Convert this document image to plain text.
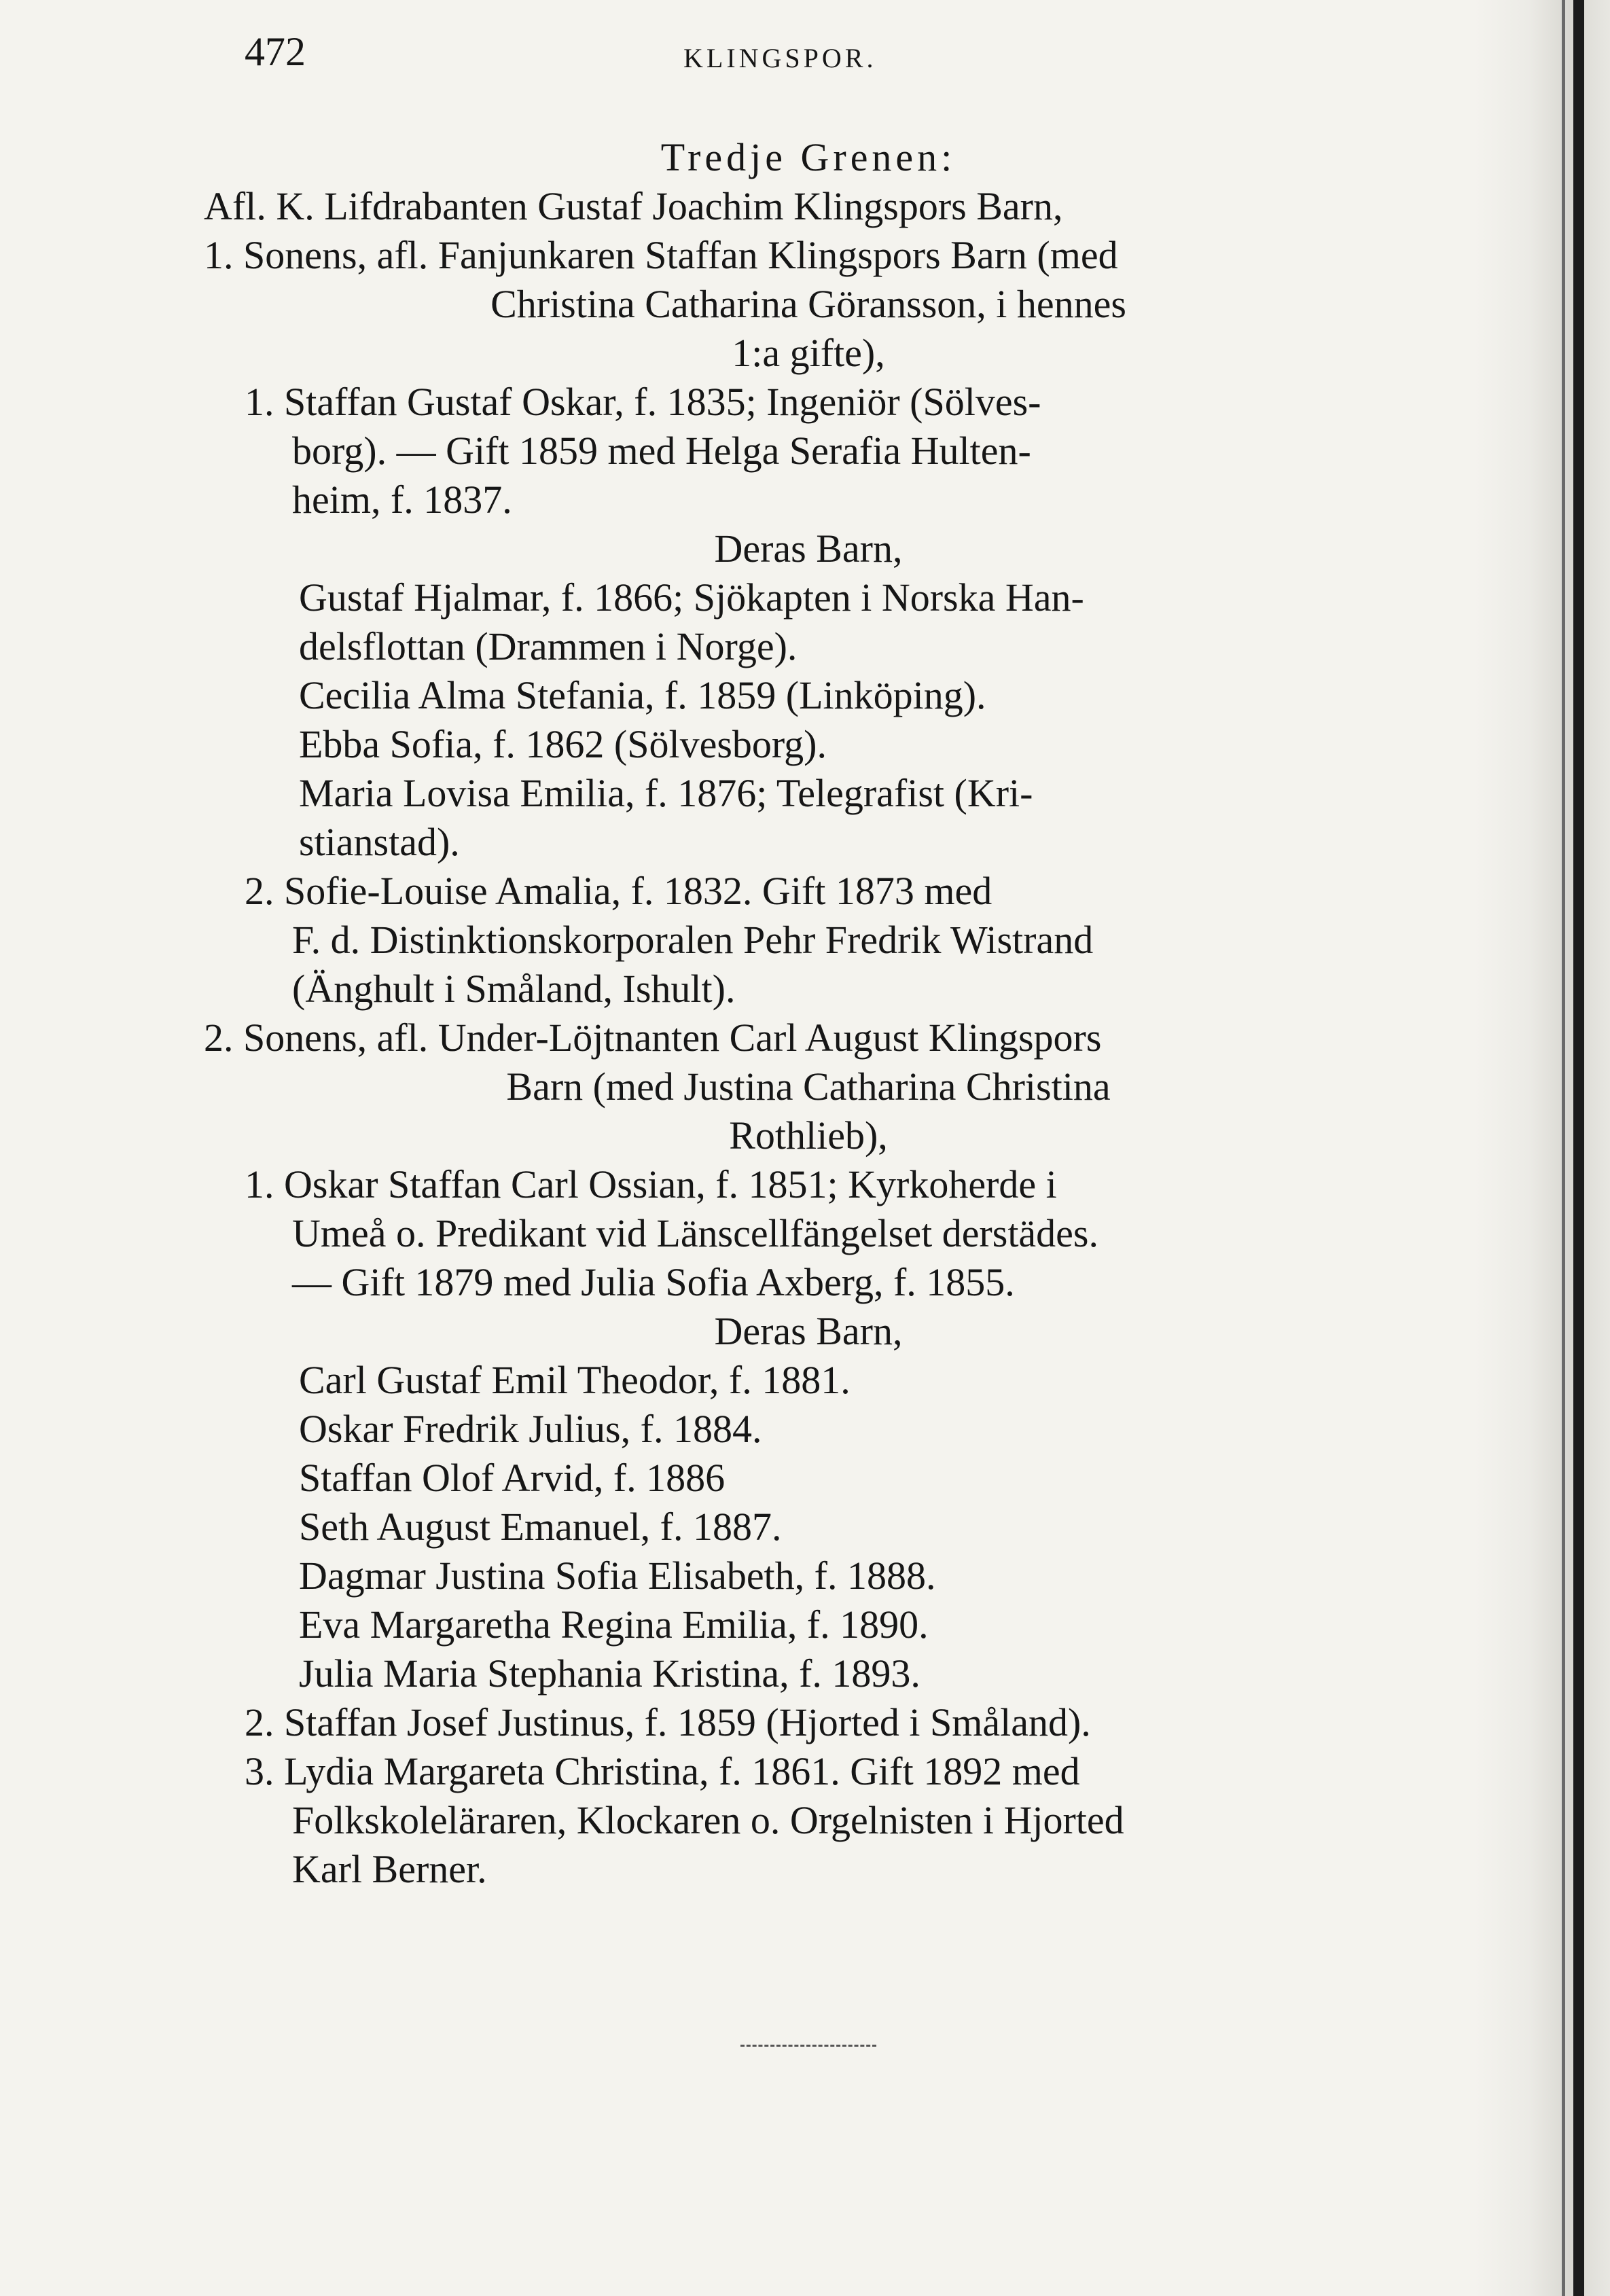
472	KLINGSPOR.
Tredje Grenen:
Afl. K. Lifdrabanten Gustaf Joachim Klingspors Barn,
1. Sonens, afl. Fanjunkaren Staffan Klingspors Barn (med
Christina Catharina Göransson, i hennes
1:a gifte),
1. Staffan Gustaf Oskar, f. 1835; Ingeniör (Sölves-
borg). — Gift 1859 med Helga Serafia Hulten-
heim, f. 1837.
Deras Barn,
Gustaf Hjalmar, f. 1866; Sjökapten i Norska Han-
delsflottan (Drammen i Norge).
Cecilia Alma Stefania, f. 1859 (Linköping).
Ebba Sofia, f. 1862 (Sölvesborg).
Maria Lovisa Emilia, f. 1876; Telegrafist (Kri-
stianstad).
2. Sofie-Louise Amalia, f. 1832. Gift 1873 med
F. d. Distinktionskorporalen Pehr Fredrik Wistrand
(Änghult i Småland, Ishult).
2. Sonens, afl. Under-Löjtnanten Carl August Klingspors
Barn (med Justina Catharina Christina
Rothlieb),
1. Oskar Staffan Carl Ossian, f. 1851; Kyrkoherde i
Umeå o. Predikant vid Länscellfängelset derstädes.
— Gift 1879 med Julia Sofia Axberg, f. 1855.
Deras Barn,
Carl Gustaf Emil Theodor, f. 1881.
Oskar Fredrik Julius, f. 1884.
Staffan Olof Arvid, f. 1886
Seth August Emanuel, f. 1887.
Dagmar Justina Sofia Elisabeth, f. 1888.
Eva Margaretha Regina Emilia, f. 1890.
Julia Maria Stephania Kristina, f. 1893.
2. Staffan Josef Justinus, f. 1859 (Hjorted i Småland).
3. Lydia Margareta Christina, f. 1861. Gift 1892 med
Folkskoleläraren, Klockaren o. Orgelnisten i Hjorted
Karl Berner.
